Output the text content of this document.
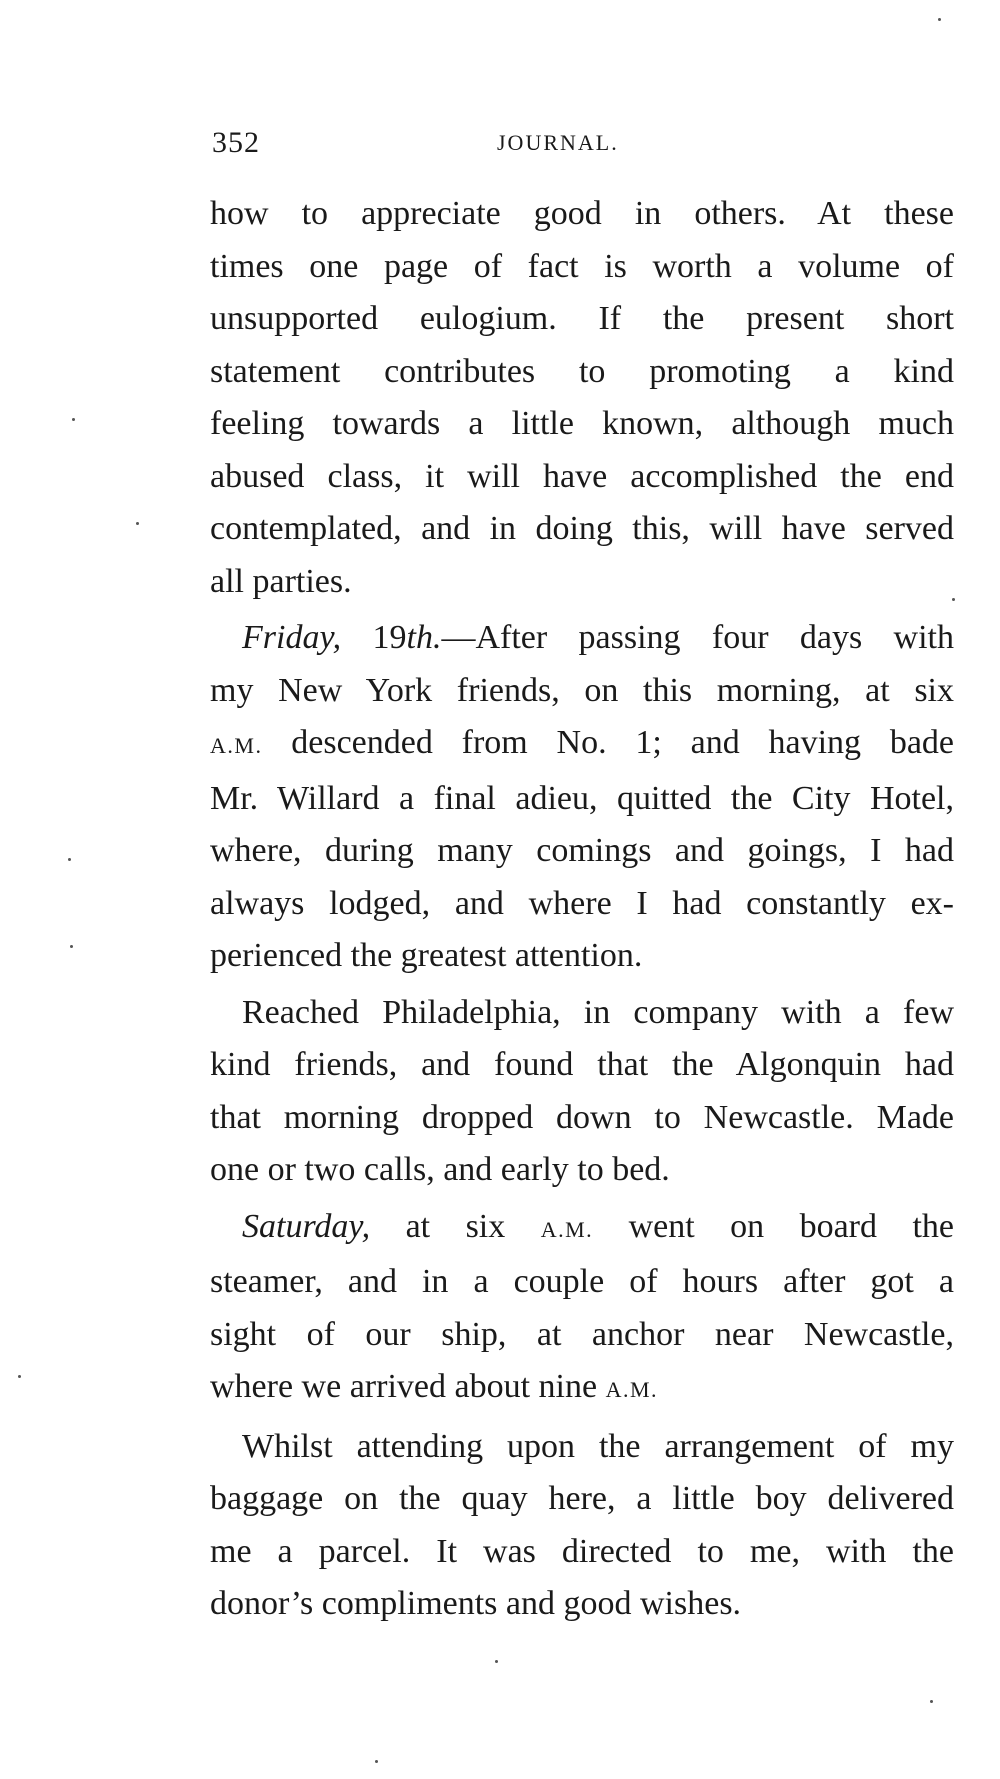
352	JOURNAL.

how to appreciate good in others. At these
times one page of fact is worth a volume of
unsupported eulogium. If the present short
statement contributes to promoting a kind
feeling towards a little known, although much
abused class, it will have accomplished the end
contemplated, and in doing this, will have served
all parties.

Friday, 19th.—After passing four days with
my New York friends, on this morning, at six
A.M. descended from No. 1; and having bade
Mr. Willard a final adieu, quitted the City Hotel,
where, during many comings and goings, I had
always lodged, and where I had constantly ex-
perienced the greatest attention.

Reached Philadelphia, in company with a few
kind friends, and found that the Algonquin had
that morning dropped down to Newcastle. Made
one or two calls, and early to bed.

Saturday, at six A.M. went on board the
steamer, and in a couple of hours after got a
sight of our ship, at anchor near Newcastle,
where we arrived about nine A.M.

Whilst attending upon the arrangement of my
baggage on the quay here, a little boy delivered
me a parcel. It was directed to me, with the
donor’s compliments and good wishes.
